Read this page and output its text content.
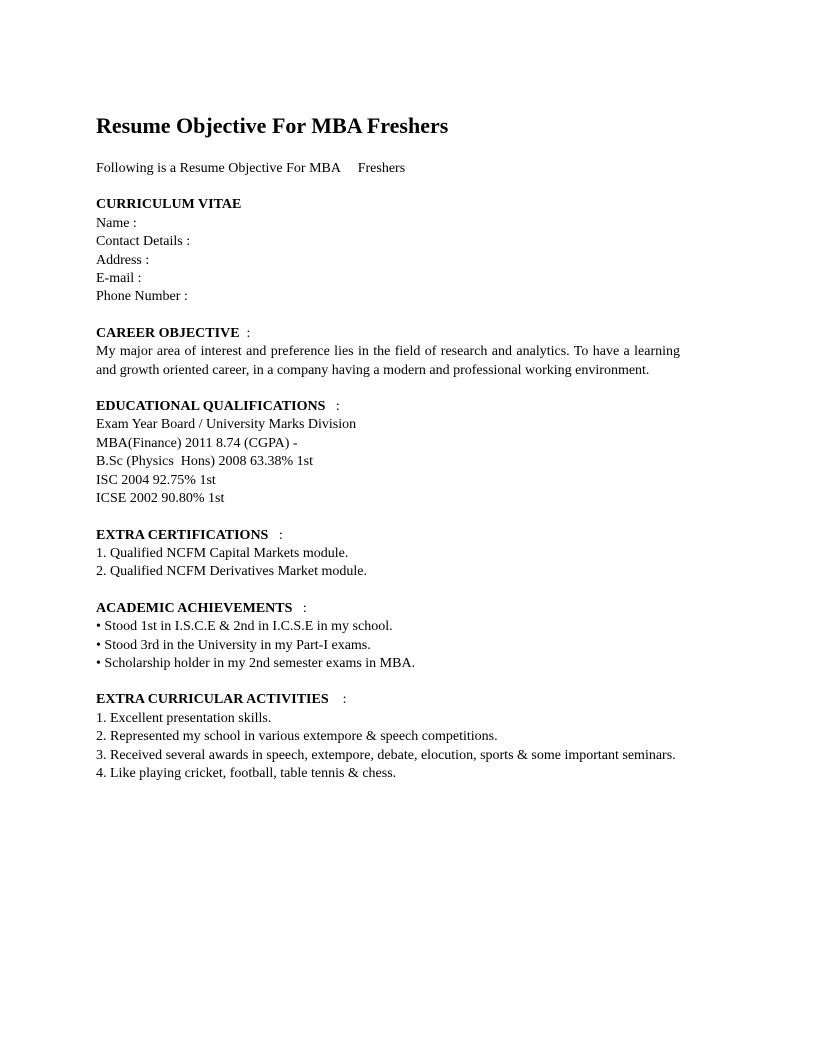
Resume Objective For MBA Freshers
Following is a Resume Objective For MBA     Freshers
CURRICULUM VITAE
Name :
Contact Details :
Address :
E-mail :
Phone Number :
CAREER OBJECTIVE  :
My major area of interest and preference lies in the field of research and analytics. To have a learning and growth oriented career, in a company having a modern and professional working environment.
EDUCATIONAL QUALIFICATIONS   :
Exam Year Board / University Marks Division
MBA(Finance) 2011 8.74 (CGPA) -
B.Sc (Physics  Hons) 2008 63.38% 1st
ISC 2004 92.75% 1st
ICSE 2002 90.80% 1st
EXTRA CERTIFICATIONS   :
1. Qualified NCFM Capital Markets module.
2. Qualified NCFM Derivatives Market module.
ACADEMIC ACHIEVEMENTS   :
• Stood 1st in I.S.C.E & 2nd in I.C.S.E in my school.
• Stood 3rd in the University in my Part-I exams.
• Scholarship holder in my 2nd semester exams in MBA.
EXTRA CURRICULAR ACTIVITIES    :
1. Excellent presentation skills.
2. Represented my school in various extempore & speech competitions.
3. Received several awards in speech, extempore, debate, elocution, sports & some important seminars.
4. Like playing cricket, football, table tennis & chess.
